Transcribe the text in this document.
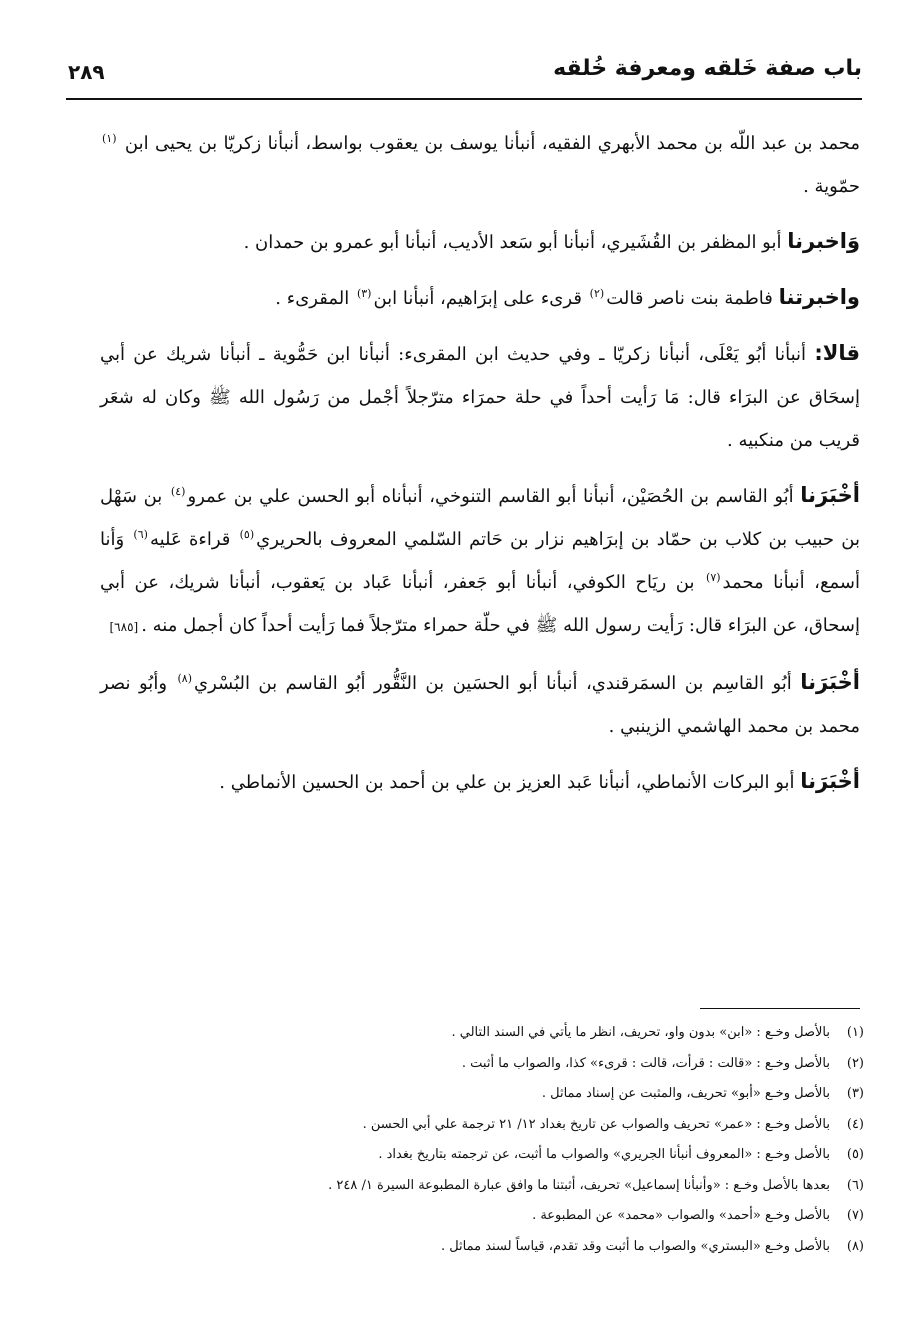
باب صفة خَلقه ومعرفة خُلقه
٢٨٩

محمد بن عبد اللّه بن محمد الأبهري الفقيه، أنبأنا يوسف بن يعقوب بواسط، أنبأنا زكريّا بن يحيى ابن $^{(١)}$ حمّوية .

وَاخبرنا أبو المظفر بن القُشَيري، أنبأنا أبو سَعد الأديب، أنبأنا أبو عمرو بن حمدان .

واخبرتنا فاطمة بنت ناصر قالت$^{(٢)}$ قرىء على إبرَاهيم، أنبأنا ابن$^{(٣)}$ المقرىء .

قالا: أنبأنا أبُو يَعْلَى، أنبأنا زكريّا ـ وفي حديث ابن المقرىء: أنبأنا ابن حَمُّوية ـ أنبأنا شريك عن أبي إسحَاق عن البرَاء قال: مَا رَأيت أحداً في حلة حمرَاء مترّجلاً أجْمل من رَسُول الله ﷺ وكان له شعَر قريب من منكبيه .

أخْبَرَنا أبُو القاسم بن الحُصَيْن، أنبأنا أبو القاسم التنوخي، أنبأناه أبو الحسن علي بن عمرو$^{(٤)}$ بن سَهْل بن حبيب بن كلاب بن حمّاد بن إبرَاهيم نزار بن حَاتم السّلمي المعروف بالحريري$^{(٥)}$ قراءة عَليه$^{(٦)}$ وَأنا أسمع، أنبأنا محمد$^{(٧)}$ بن ريَاح الكوفي، أنبأنا أبو جَعفر، أنبأنا عَباد بن يَعقوب، أنبأنا شريك، عن أبي إسحاق، عن البرَاء قال: رَأيت رسول الله ﷺ في حلّة حمراء مترّجلاً فما رَأيت أحداً كان أجمل منه .[٦٨٥]

أخْبَرَنا أبُو القاسِم بن السمَرقندي، أنبأنا أبو الحسَين بن النَّقُّور أبُو القاسم بن البُسْري$^{(٨)}$ وأبُو نصر محمد بن محمد الهاشمي الزينبي .

أخْبَرَنا أبو البركات الأنماطي، أنبأنا عَبد العزيز بن علي بن أحمد بن الحسين الأنماطي .

(١)بالأصل وخـع : «ابن» بدون واو، تحريف، انظر ما يأتي في السند التالي .
(٢)بالأصل وخـع : «قالت : قرأت، قالت : قرىء» كذا، والصواب ما أثبت .
(٣)بالأصل وخـع «أبو» تحريف، والمثبت عن إسناد مماثل .
(٤)بالأصل وخـع : «عمر» تحريف والصواب عن تاريخ بغداد ١٢/ ٢١ ترجمة علي أبي الحسن .
(٥)بالأصل وخـع : «المعروف أنبأنا الجريري» والصواب ما أثبت، عن ترجمته بتاريخ بغداد .
(٦)بعدها بالأصل وخـع : «وأنبأنا إسماعيل» تحريف، أثبتنا ما وافق عبارة المطبوعة السيرة ١/ ٢٤٨ .
(٧)بالأصل وخـع «أحمد» والصواب «محمد» عن المطبوعة .
(٨)بالأصل وخـع «البستري» والصواب ما أثبت وقد تقدم، قياساً لسند مماثل .
